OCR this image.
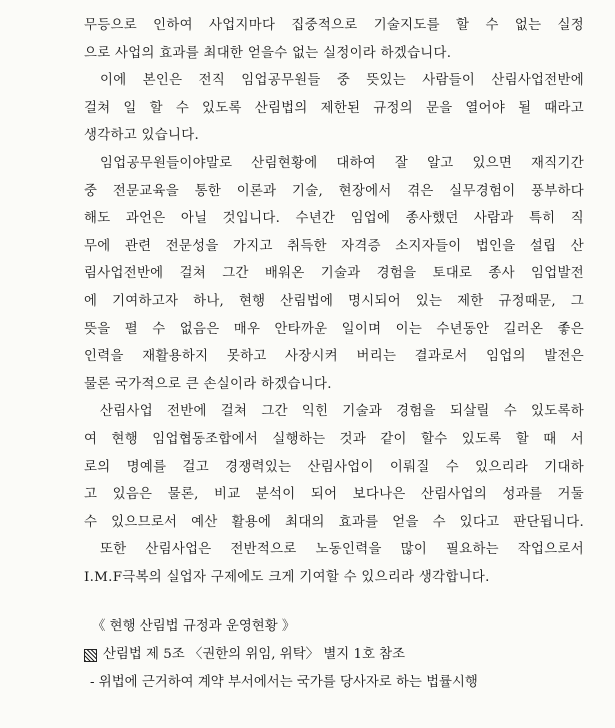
무등으로 인하여 사업지마다 집중적으로 기술지도를 할 수 없는 실정
으로 사업의 효과를 최대한 얻을수 없는 실정이라 하겠습니다.
이에 본인은 전직 임업공무원들 중 뜻있는 사람들이 산림사업전반에
걸쳐 일 할 수 있도록 산림법의 제한된 규정의 문을 열어야 될 때라고
생각하고 있습니다.
임업공무원들이야말로 산림현황에 대하여 잘 알고 있으면 재직기간
중 전문교육을 통한 이론과 기술, 현장에서 겪은 실무경험이 풍부하다
해도 과언은 아닐 것입니다. 수년간 임업에 종사했던 사람과 특히 직
무에 관련 전문성을 가지고 취득한 자격증 소지자들이 법인을 설립 산
림사업전반에 걸쳐 그간 배워온 기술과 경험을 토대로 종사 임업발전
에 기여하고자 하나, 현행 산림법에 명시되어 있는 제한 규정때문, 그
뜻을 펼 수 없음은 매우 안타까운 일이며 이는 수년동안 길러온 좋은
인력을 재활용하지 못하고 사장시켜 버리는 결과로서 임업의 발전은
물론 국가적으로 큰 손실이라 하겠습니다.
산림사업 전반에 걸쳐 그간 익힌 기술과 경험을 되살릴 수 있도록하
여 현행 임업협동조합에서 실행하는 것과 같이 할수 있도록 할 때 서
로의 명예를 걸고 경쟁력있는 산림사업이 이뤄질 수 있으리라 기대하
고 있음은 물론, 비교 분석이 되어 보다나은 산림사업의 성과를 거둘
수 있으므로서 예산 활용에 최대의 효과를 얻을 수 있다고 판단됩니다.
또한 산림사업은 전반적으로 노동인력을 많이 필요하는 작업으로서
I.M.F극복의 실업자 구제에도 크게 기여할 수 있으리라 생각합니다.
《 현행 산림법 규정과 운영현황 》
산림법 제 5조 〈권한의 위임, 위탁〉 별지 1호 참조
- 위법에 근거하여 계약 부서에서는 국가를 당사자로 하는 법률시행
